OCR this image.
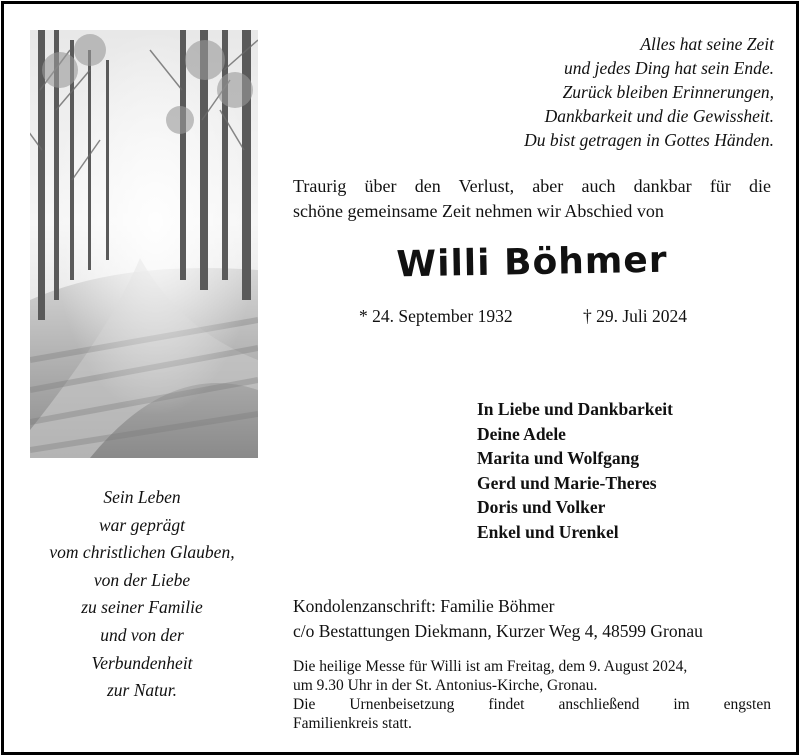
Alles hat seine Zeit
und jedes Ding hat sein Ende.
Zurück bleiben Erinnerungen,
Dankbarkeit und die Gewissheit.
Du bist getragen in Gottes Händen.
Traurig über den Verlust, aber auch dankbar für die
schöne gemeinsame Zeit nehmen wir Abschied von
Willi Böhmer
* 24. September 1932	† 29. Juli 2024
In Liebe und Dankbarkeit
Deine Adele
Marita und Wolfgang
Gerd und Marie-Theres
Doris und Volker
Enkel und Urenkel
Sein Leben
war geprägt
vom christlichen Glauben,
von der Liebe
zu seiner Familie
und von der
Verbundenheit
zur Natur.
Kondolenzanschrift: Familie Böhmer
c/o Bestattungen Diekmann, Kurzer Weg 4, 48599 Gronau
Die heilige Messe für Willi ist am Freitag, dem 9. August 2024,
um 9.30 Uhr in der St. Antonius-Kirche, Gronau.
Die Urnenbeisetzung findet anschließend im engsten
Familienkreis statt.
